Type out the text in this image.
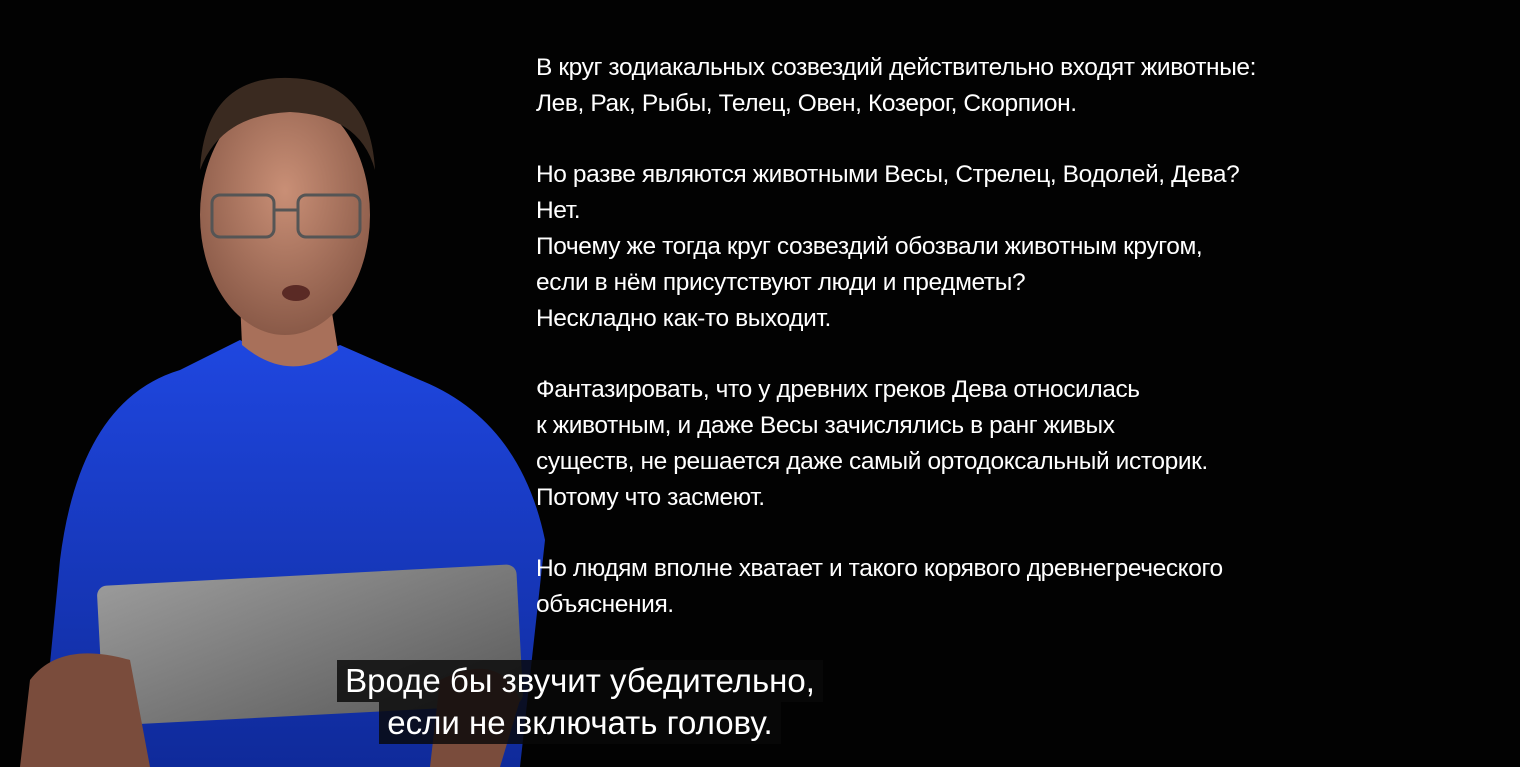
В круг зодиакальных созвездий действительно входят животные:
Лев, Рак, Рыбы, Телец, Овен, Козерог, Скорпион.
Но разве являются животными Весы, Стрелец, Водолей, Дева?
Нет.
Почему же тогда круг созвездий обозвали животным кругом,
если в нём присутствуют люди и предметы?
Нескладно как-то выходит.
Фантазировать, что у древних греков Дева относилась
к животным, и даже Весы зачислялись в ранг живых
существ, не решается даже самый ортодоксальный историк.
Потому что засмеют.
Но людям вполне хватает и такого корявого древнегреческого
объяснения.
Вроде бы звучит убедительно,
если не включать голову.
